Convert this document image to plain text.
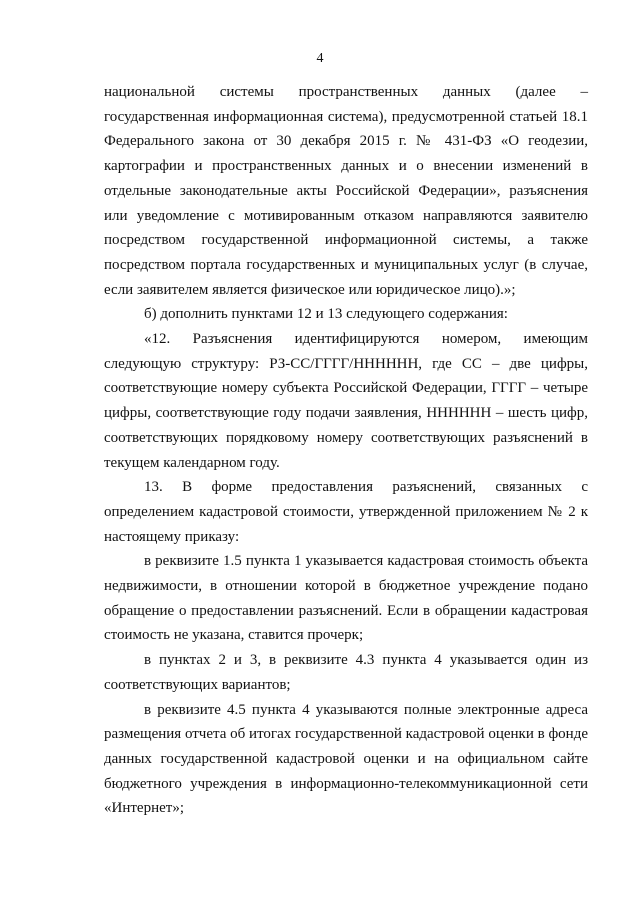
4

национальной системы пространственных данных (далее – государственная информационная система), предусмотренной статьей 18.1 Федерального закона от 30 декабря 2015 г. № 431-ФЗ «О геодезии, картографии и пространственных данных и о внесении изменений в отдельные законодательные акты Российской Федерации», разъяснения или уведомление с мотивированным отказом направляются заявителю посредством государственной информационной системы, а также посредством портала государственных и муниципальных услуг (в случае, если заявителем является физическое или юридическое лицо).»;

б) дополнить пунктами 12 и 13 следующего содержания:

«12. Разъяснения идентифицируются номером, имеющим следующую структуру: РЗ-СС/ГГГГ/НННННН, где СС – две цифры, соответствующие номеру субъекта Российской Федерации, ГГГГ – четыре цифры, соответствующие году подачи заявления, НННННН – шесть цифр, соответствующих порядковому номеру соответствующих разъяснений в текущем календарном году.

13. В форме предоставления разъяснений, связанных с определением кадастровой стоимости, утвержденной приложением № 2 к настоящему приказу:

в реквизите 1.5 пункта 1 указывается кадастровая стоимость объекта недвижимости, в отношении которой в бюджетное учреждение подано обращение о предоставлении разъяснений. Если в обращении кадастровая стоимость не указана, ставится прочерк;

в пунктах 2 и 3, в реквизите 4.3 пункта 4 указывается один из соответствующих вариантов;

в реквизите 4.5 пункта 4 указываются полные электронные адреса размещения отчета об итогах государственной кадастровой оценки в фонде данных государственной кадастровой оценки и на официальном сайте бюджетного учреждения в информационно-телекоммуникационной сети «Интернет»;
